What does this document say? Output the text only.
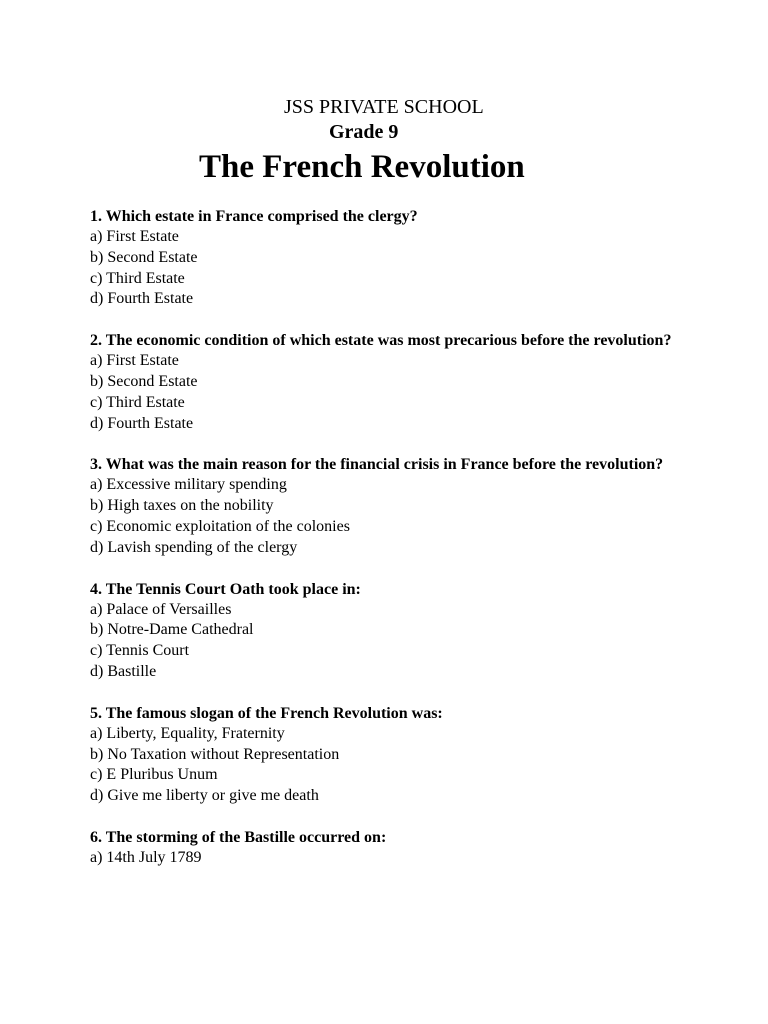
JSS PRIVATE SCHOOL
Grade 9
The French Revolution
1. Which estate in France comprised the clergy?
a) First Estate
b) Second Estate
c) Third Estate
d) Fourth Estate
2. The economic condition of which estate was most precarious before the revolution?
a) First Estate
b) Second Estate
c) Third Estate
d) Fourth Estate
3. What was the main reason for the financial crisis in France before the revolution?
a) Excessive military spending
b) High taxes on the nobility
c) Economic exploitation of the colonies
d) Lavish spending of the clergy
4. The Tennis Court Oath took place in:
a) Palace of Versailles
b) Notre-Dame Cathedral
c) Tennis Court
d) Bastille
5. The famous slogan of the French Revolution was:
a) Liberty, Equality, Fraternity
b) No Taxation without Representation
c) E Pluribus Unum
d) Give me liberty or give me death
6. The storming of the Bastille occurred on:
a) 14th July 1789
